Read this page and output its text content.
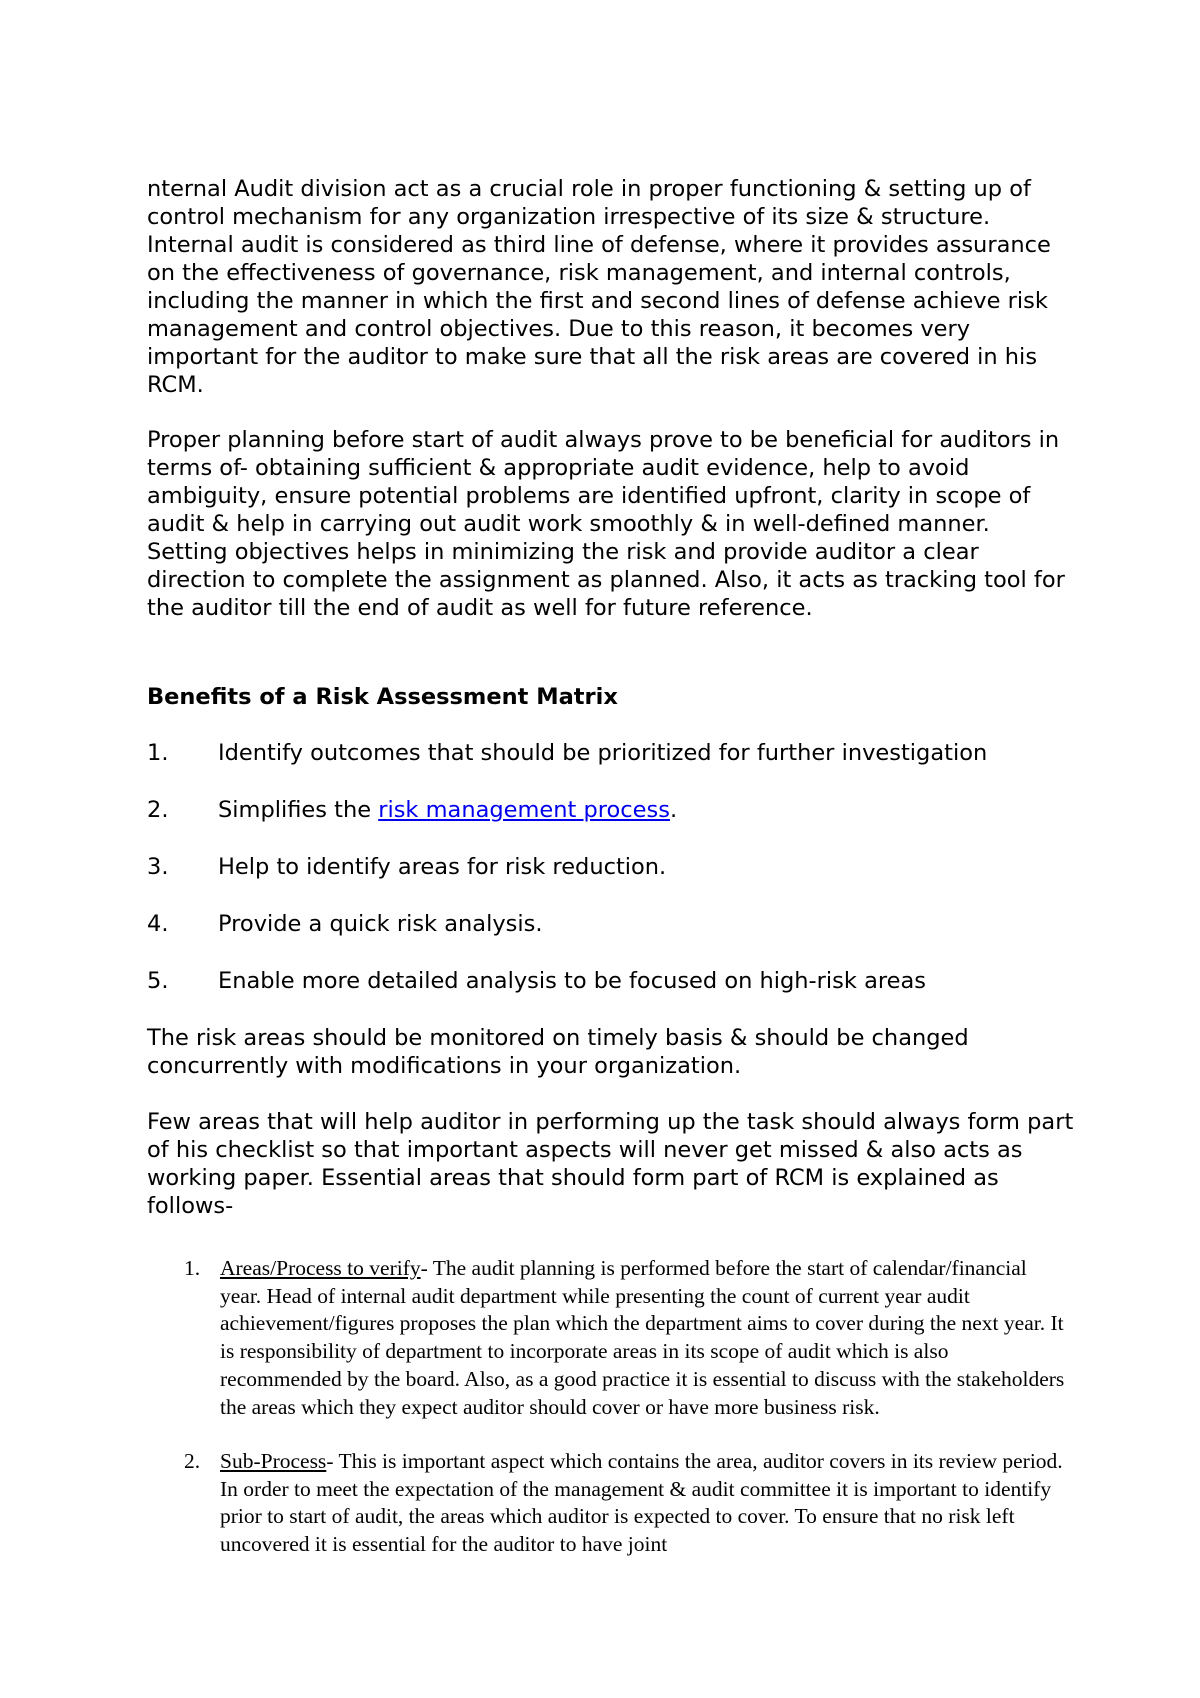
nternal Audit division act as a crucial role in proper functioning & setting up of control mechanism for any organization irrespective of its size & structure. Internal audit is considered as third line of defense, where it provides assurance on the effectiveness of governance, risk management, and internal controls, including the manner in which the first and second lines of defense achieve risk management and control objectives. Due to this reason, it becomes very important for the auditor to make sure that all the risk areas are covered in his RCM.

Proper planning before start of audit always prove to be beneficial for auditors in terms of- obtaining sufficient & appropriate audit evidence, help to avoid ambiguity, ensure potential problems are identified upfront, clarity in scope of audit & help in carrying out audit work smoothly & in well-defined manner. Setting objectives helps in minimizing the risk and provide auditor a clear direction to complete the assignment as planned. Also, it acts as tracking tool for the auditor till the end of audit as well for future reference.

Benefits of a Risk Assessment Matrix

1. Identify outcomes that should be prioritized for further investigation

2. Simplifies the risk management process.

3. Help to identify areas for risk reduction.

4. Provide a quick risk analysis.

5. Enable more detailed analysis to be focused on high-risk areas

The risk areas should be monitored on timely basis & should be changed concurrently with modifications in your organization.

Few areas that will help auditor in performing up the task should always form part of his checklist so that important aspects will never get missed & also acts as working paper. Essential areas that should form part of RCM is explained as follows-

1. Areas/Process to verify- The audit planning is performed before the start of calendar/financial year. Head of internal audit department while presenting the count of current year audit achievement/figures proposes the plan which the department aims to cover during the next year. It is responsibility of department to incorporate areas in its scope of audit which is also recommended by the board. Also, as a good practice it is essential to discuss with the stakeholders the areas which they expect auditor should cover or have more business risk.
2. Sub-Process- This is important aspect which contains the area, auditor covers in its review period. In order to meet the expectation of the management & audit committee it is important to identify prior to start of audit, the areas which auditor is expected to cover. To ensure that no risk left uncovered it is essential for the auditor to have joint
